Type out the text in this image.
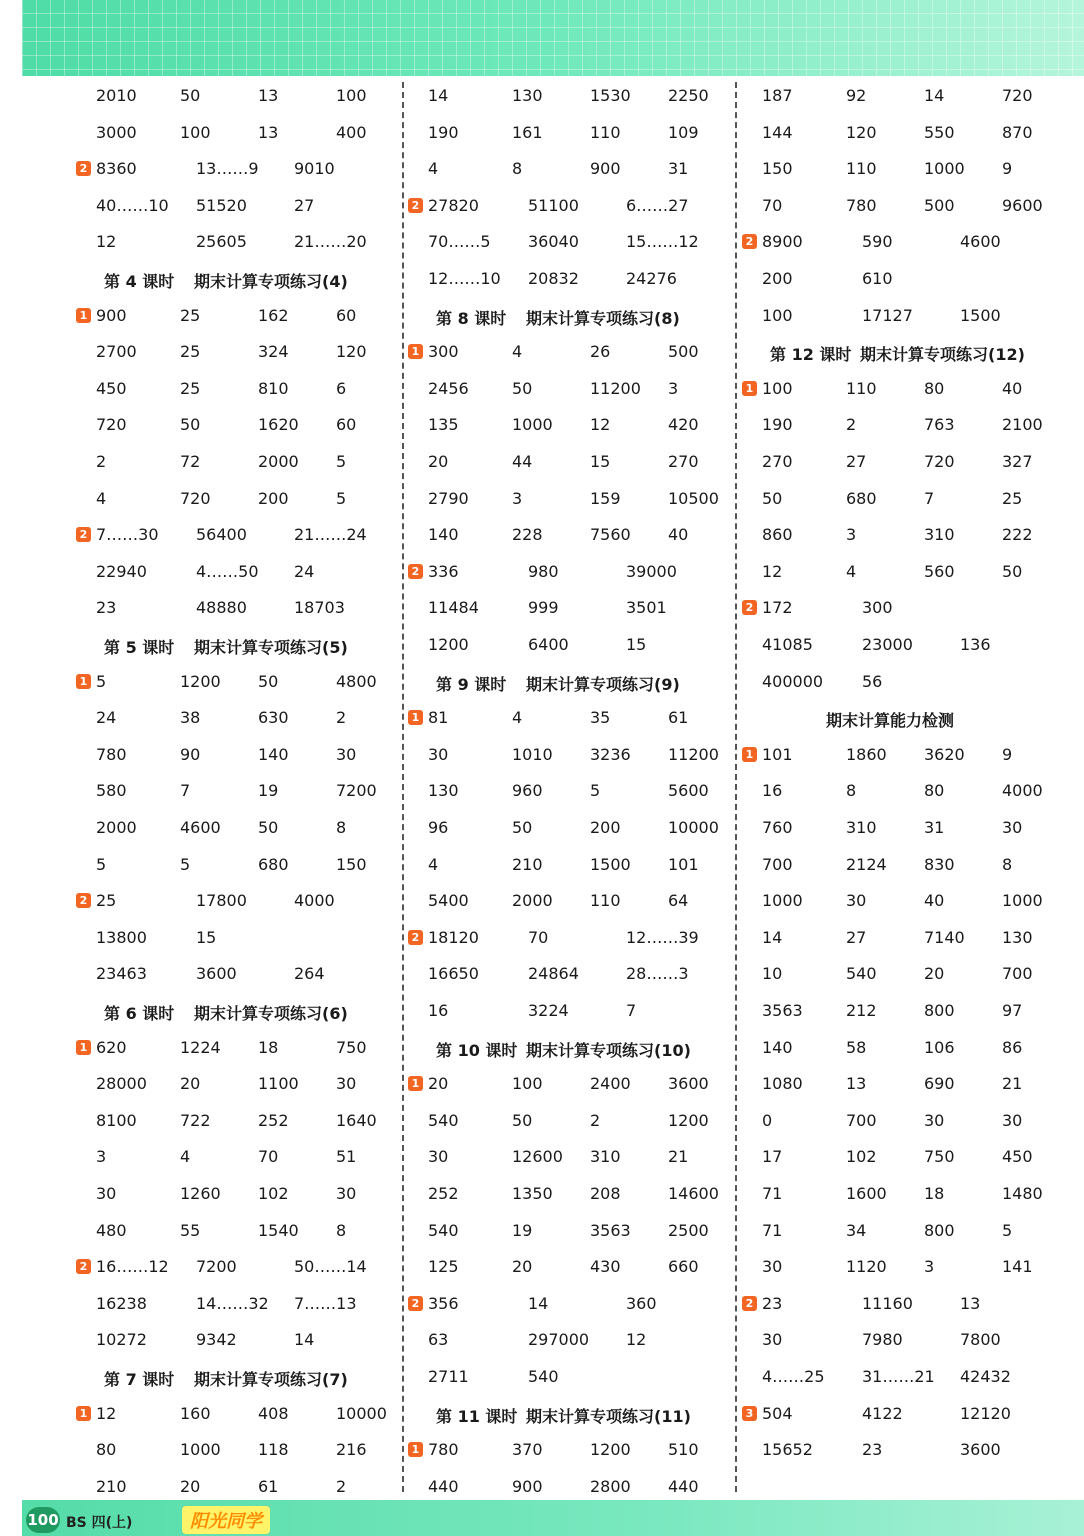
2010	50	13	100
3000	100	13	400
2 8360	13……9 9010
40……10 51520	27
12	25605	21……20
第 4 课时 期末计算专项练习(4)
1 900	25	162	60
2700	25	324	120
450	25	810	6
720	50	1620 60
2	72	2000 5
4	720	200	5
2 7……30 56400	21……24
22940	4……50 24
23	48880	18703
第 5 课时 期末计算专项练习(5)
1 5	1200 50	4800
24	38	630	2
780	90	140	30
580	7	19	7200
2000	4600 50	8
5	5	680	150
2 25	17800	4000
13800	15
23463	3600	264
第 6 课时 期末计算专项练习(6)
1 620	1224 18	750
28000 20	1100 30
8100	722	252	1640
3	4	70	51
30	1260 102	30
480	55	1540 8
2 16……12 7200	50……14
16238	14……32 7……13
10272	9342	14
第 7 课时 期末计算专项练习(7)
1 12	160	408	10000
80	1000 118	216
210	20	61	2
14	130	1530 2250
190	161	110	109
4	8	900	31
2 27820	51100	6……27
70……5 36040	15……12
12……10 20832	24276
第 8 课时 期末计算专项练习(8)
1 300	4	26	500
2456	50	11200 3
135	1000 12	420
20	44	15	270
2790	3	159	10500
140	228	7560 40
2 336	980	39000
11484	999	3501
1200	6400	15
第 9 课时 期末计算专项练习(9)
1 81	4	35	61
30	1010 3236 11200
130	960	5	5600
96	50	200	10000
4	210	1500 101
5400	2000 110	64
2 18120	70	12……39
16650	24864	28……3
16	3224	7
第 10 课时 期末计算专项练习(10)
1 20	100	2400 3600
540	50	2	1200
30	12600 310	21
252	1350 208	14600
540	19	3563 2500
125	20	430	660
2 356	14	360
63	297000 12
2711	540
第 11 课时 期末计算专项练习(11)
1 780	370	1200 510
440	900	2800 440
187	92	14	720
144	120	550	870
150	110	1000 9
70	780	500	9600
2 8900	590	4600
200	610
100	17127	1500
第 12 课时 期末计算专项练习(12)
1 100	110	80	40
190	2	763	2100
270	27	720	327
50	680	7	25
860	3	310	222
12	4	560	50
2 172	300
41085	23000	136
400000 56
期末计算能力检测
1 101	1860 3620 9
16	8	80	4000
760	310	31	30
700	2124 830	8
1000	30	40	1000
14	27	7140 130
10	540	20	700
3563	212	800	97
140	58	106	86
1080	13	690	21
0	700	30	30
17	102	750	450
71	1600 18	1480
71	34	800	5
30	1120 3	141
2 23	11160	13
30	7980	7800
4……25 31……21 42432
3 504	4122	12120
15652	23	3600
100 BS 四(上)	阳光同学
